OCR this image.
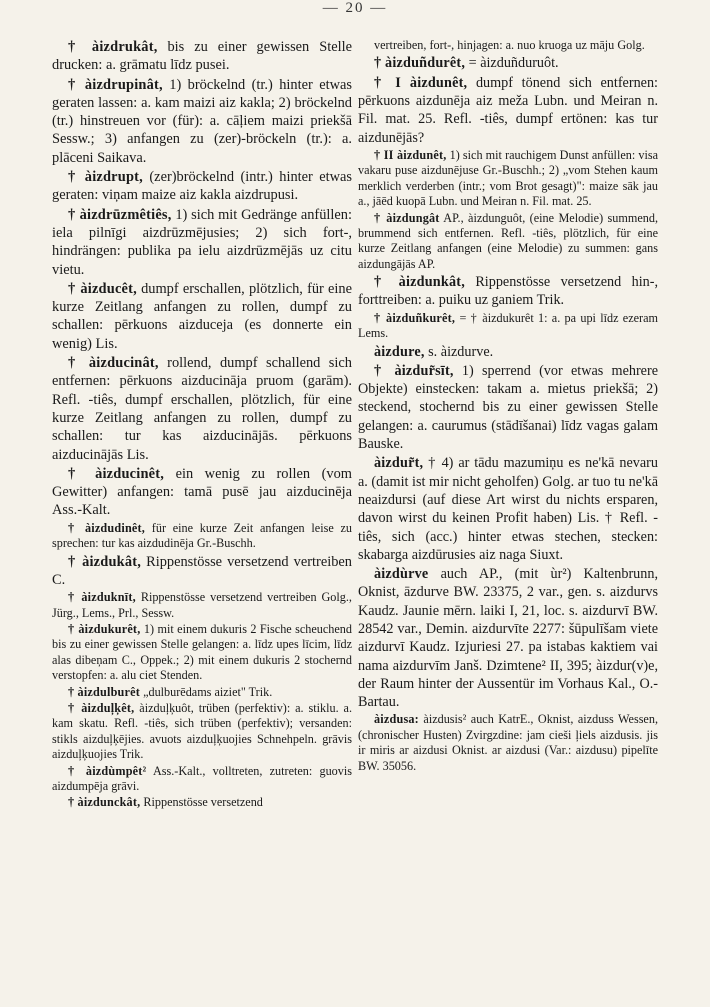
— 20 —

† àizdrukât, bis zu einer gewissen Stelle drucken: a. grāmatu līdz pusei.

† àizdrupinât, 1) bröckelnd (tr.) hinter etwas geraten lassen: a. kam maizi aiz kakla; 2) bröckelnd (tr.) hinstreuen vor (für): a. cāļiem maizi priekšā Sessw.; 3) anfangen zu (zer)-bröckeln (tr.): a. plāceni Saikava.

† àizdrupt, (zer)bröckelnd (intr.) hinter etwas geraten: viņam maize aiz kakla aizdrupusi.

† àizdrūzmêtiês, 1) sich mit Gedränge anfüllen: iela pilnīgi aizdrūzmējusies; 2) sich fort-, hindrängen: publika pa ielu aizdrūzmējās uz citu vietu.

† àizducêt, dumpf erschallen, plötzlich, für eine kurze Zeitlang anfangen zu rollen, dumpf zu schallen: pērkuons aizduceja (es donnerte ein wenig) Lis.

† àizducinât, rollend, dumpf schallend sich entfernen: pērkuons aizducināja pruom (garām). Refl. -tiês, dumpf erschallen, plötzlich, für eine kurze Zeitlang anfangen zu rollen, dumpf zu schallen: tur kas aizducinājās. pērkuons aizducinājās Lis.

† àizducinêt, ein wenig zu rollen (vom Gewitter) anfangen: tamā pusē jau aizducinēja Ass.-Kalt.

† àizdudinêt, für eine kurze Zeit anfangen leise zu sprechen: tur kas aizdudinēja Gr.-Buschh.

† àizdukât, Rippenstösse versetzend vertreiben C.

† àizduknīt, Rippenstösse versetzend vertreiben Golg., Jürg., Lems., Prl., Sessw.

† àizdukurêt, 1) mit einem dukuris 2 Fische scheuchend bis zu einer gewissen Stelle gelangen: a. līdz upes līcim, līdz alas dibeņam C., Oppek.; 2) mit einem dukuris 2 stochernd verstopfen: a. alu ciet Stenden.

† àizdulburêt „dulburēdams aiziet" Trik.

† àizduļķêt, àizduļķuôt, trüben (perfektiv): a. stiklu. a. kam skatu. Refl. -tiês, sich trüben (perfektiv); versanden: stikls aizduļķējies. avuots aizduļķuojies Schnehpeln. grāvis aizduļķuojies Trik.

† àizdùmpêt² Ass.-Kalt., volltreten, zutreten: guovis aizdumpēja grāvi.

† àizdunckât, Rippenstösse versetzend

vertreiben, fort-, hinjagen: a. nuo kruoga uz māju Golg.

† àizduñdurêt, = àizduñduruôt.

† I àizdunêt, dumpf tönend sich entfernen: pērkuons aizdunēja aiz meža Lubn. und Meiran n. Fil. mat. 25. Refl. -tiês, dumpf ertönen: kas tur aizdunējās?

† II àizdunêt, 1) sich mit rauchigem Dunst anfüllen: visa vakaru puse aizdunējuse Gr.-Buschh.; 2) „vom Stehen kaum merklich verderben (intr.; vom Brot gesagt)": maize sāk jau a., jāēd kuopā Lubn. und Meiran n. Fil. mat. 25.

† àizdungât AP., àizdunguôt, (eine Melodie) summend, brummend sich entfernen. Refl. -tiês, plötzlich, für eine kurze Zeitlang anfangen (eine Melodie) zu summen: gans aizdungājās AP.

† àizdunkât, Rippenstösse versetzend hin-, forttreiben: a. puiku uz ganiem Trik.

† àizduñkurêt, = † àizdukurêt 1: a. pa upi līdz ezeram Lems.

àizdure, s. àizdurve.

† àizdur̃sīt, 1) sperrend (vor etwas mehrere Objekte) einstecken: takam a. mietus priekšā; 2) steckend, stochernd bis zu einer gewissen Stelle gelangen: a. caurumus (stādīšanai) līdz vagas galam Bauske.

àizdur̃t, † 4) ar tādu mazumiņu es ne'kā nevaru a. (damit ist mir nicht geholfen) Golg. ar tuo tu ne'kā neaizdursi (auf diese Art wirst du nichts ersparen, davon wirst du keinen Profit haben) Lis. † Refl. -tiês, sich (acc.) hinter etwas stechen, stecken: skabarga aizdūrusies aiz naga Siuxt.

àizdùrve auch AP., (mit ùr²) Kaltenbrunn, Oknist, āzdurve BW. 23375, 2 var., gen. s. aizdurvs Kaudz. Jaunie mērn. laiki I, 21, loc. s. aizdurvī BW. 28542 var., Demin. aizdurvīte 2277: šūpulīšam viete aizdurvī Kaudz. Izjuriesi 27. pa istabas kaktiem vai nama aizdurvīm Janš. Dzimtene² II, 395; àizdur(v)e, der Raum hinter der Aussentür im Vorhaus Kal., O.-Bartau.

àizdusa: àizdusis² auch KatrE., Oknist, aizduss Wessen, (chronischer Husten) Zvirgzdine: jam cieši ļiels aizdusis. jis ir miris ar aizdusi Oknist. ar aizdusi (Var.: aizdusu) pipelīte BW. 35056.
